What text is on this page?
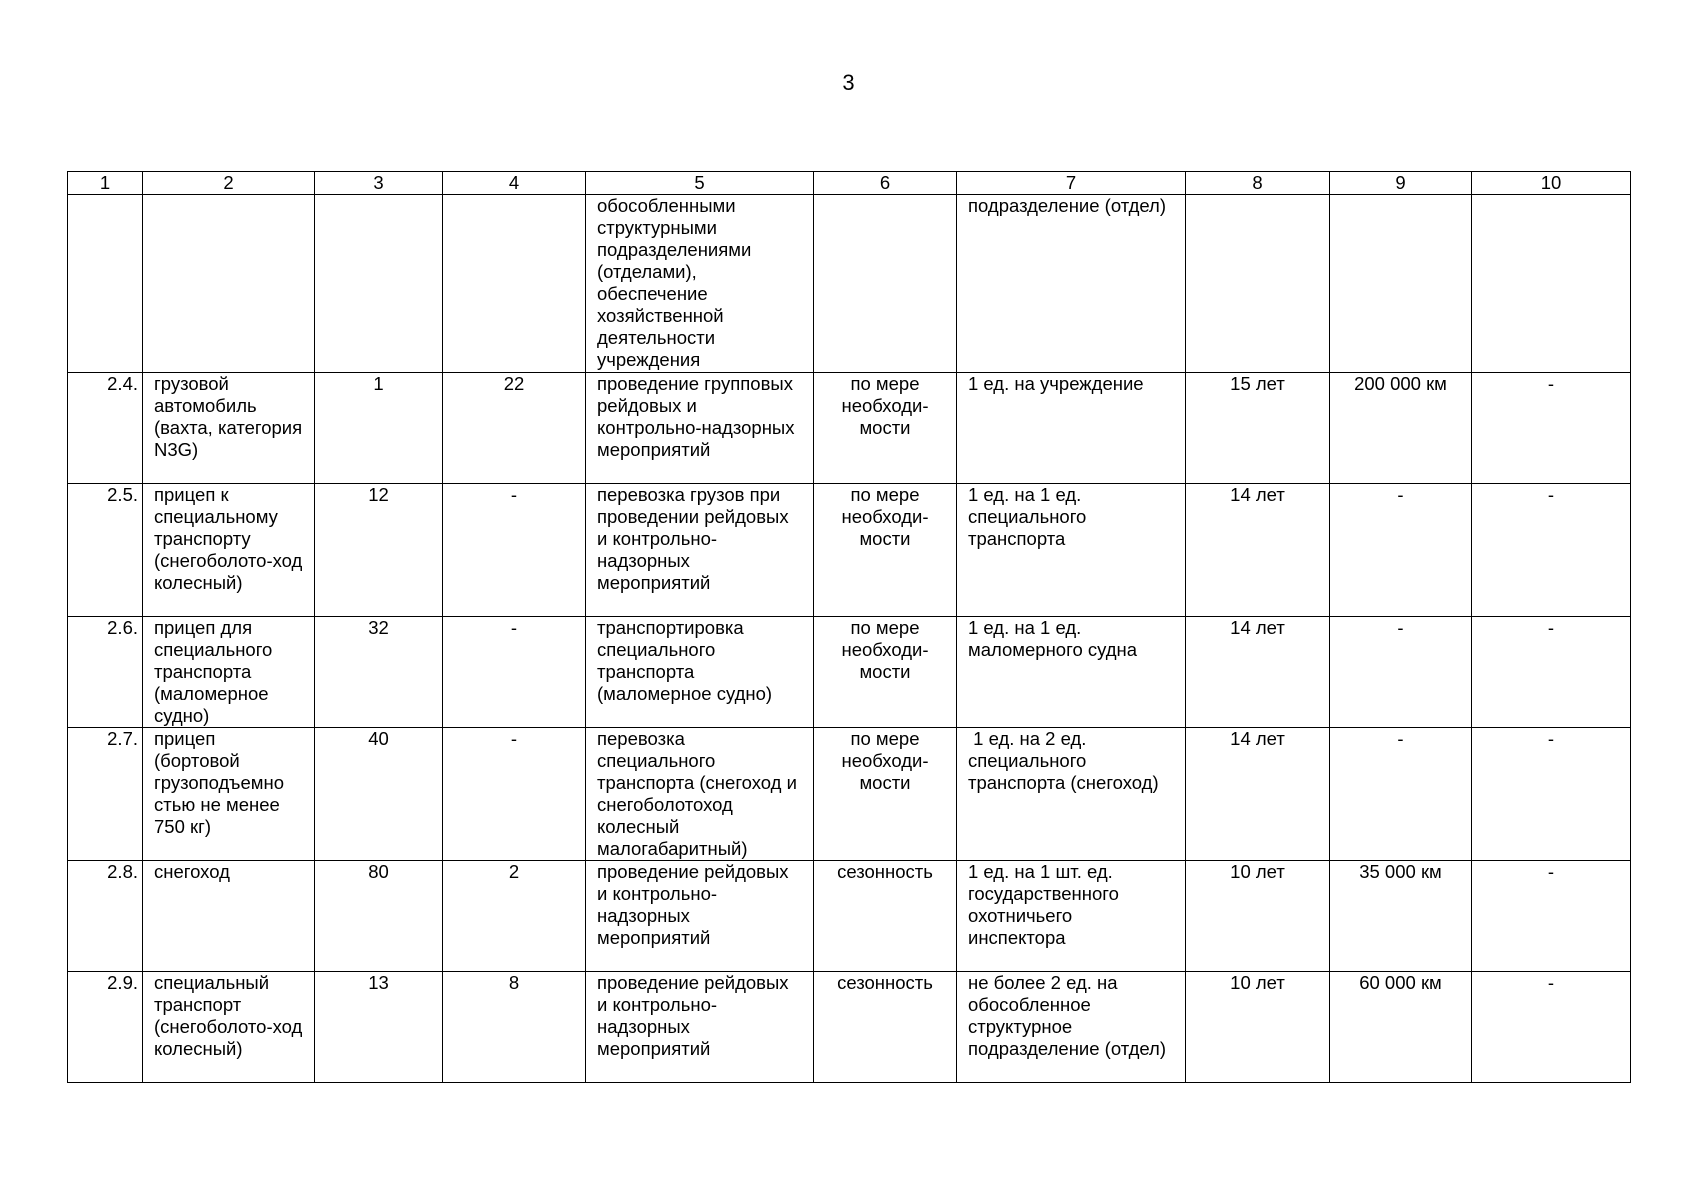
3
1	2	3	4	5	6	7	8	9	10
				обособленными структурными подразделениями (отделами), обеспечение хозяйственной деятельности учреждения		подразделение (отдел)			
2.4.	грузовой автомобиль (вахта, категория N3G)	1	22	проведение групповых рейдовых и контрольно-надзорных мероприятий	по мере необходи-мости	1 ед. на учреждение	15 лет	200 000 км	-
2.5.	прицеп к специальному транспорту (снегоболото-ход колесный)	12	-	перевозка грузов при проведении рейдовых и контрольно-надзорных мероприятий	по мере необходи-мости	1 ед. на 1 ед. специального транспорта	14 лет	-	-
2.6.	прицеп для специального транспорта (маломерное судно)	32	-	транспортировка специального транспорта (маломерное судно)	по мере необходи-мости	1 ед. на 1 ед. маломерного судна	14 лет	-	-
2.7.	прицеп (бортовой грузоподъемно стью не менее 750 кг)	40	-	перевозка специального транспорта (снегоход и снегоболотоход колесный малогабаритный)	по мере необходи-мости	1 ед. на 2 ед. специального транспорта (снегоход)	14 лет	-	-
2.8.	снегоход	80	2	проведение рейдовых и контрольно-надзорных мероприятий	сезонность	1 ед. на 1 шт. ед. государственного охотничьего инспектора	10 лет	35 000 км	-
2.9.	специальный транспорт (снегоболото-ход колесный)	13	8	проведение рейдовых и контрольно-надзорных мероприятий	сезонность	не более 2 ед. на обособленное структурное подразделение (отдел)	10 лет	60 000 км	-
